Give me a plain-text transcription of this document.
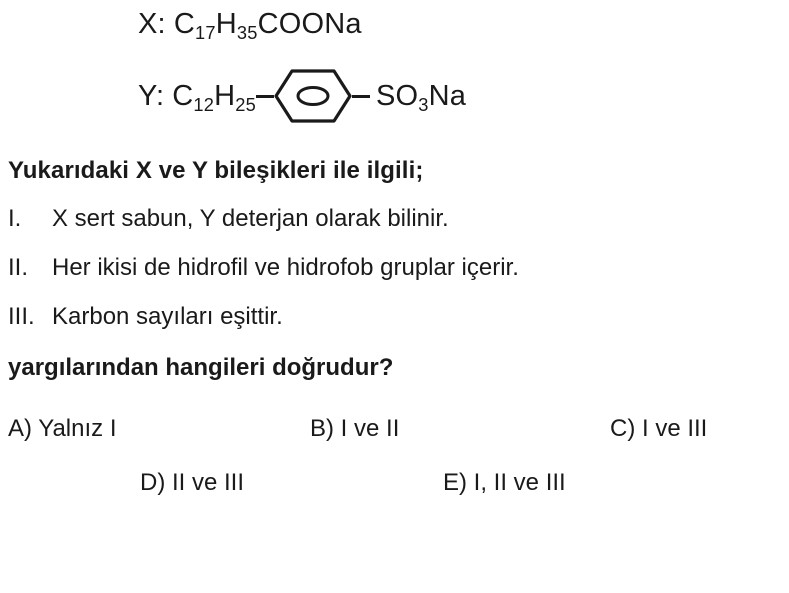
X: $C_{17}H_{35}COONa$
Y: $C_{12}H_{25}$	$SO_3Na$
Yukarıdaki X ve Y bileşikleri ile ilgili;
I.	X sert sabun, Y deterjan olarak bilinir.
II. Her ikisi de hidrofil ve hidrofob gruplar içerir.
III. Karbon sayıları eşittir.
yargılarından hangileri doğrudur?
A) Yalnız I	B) I ve II	C) I ve III
D) II ve III	E) I, II ve III
